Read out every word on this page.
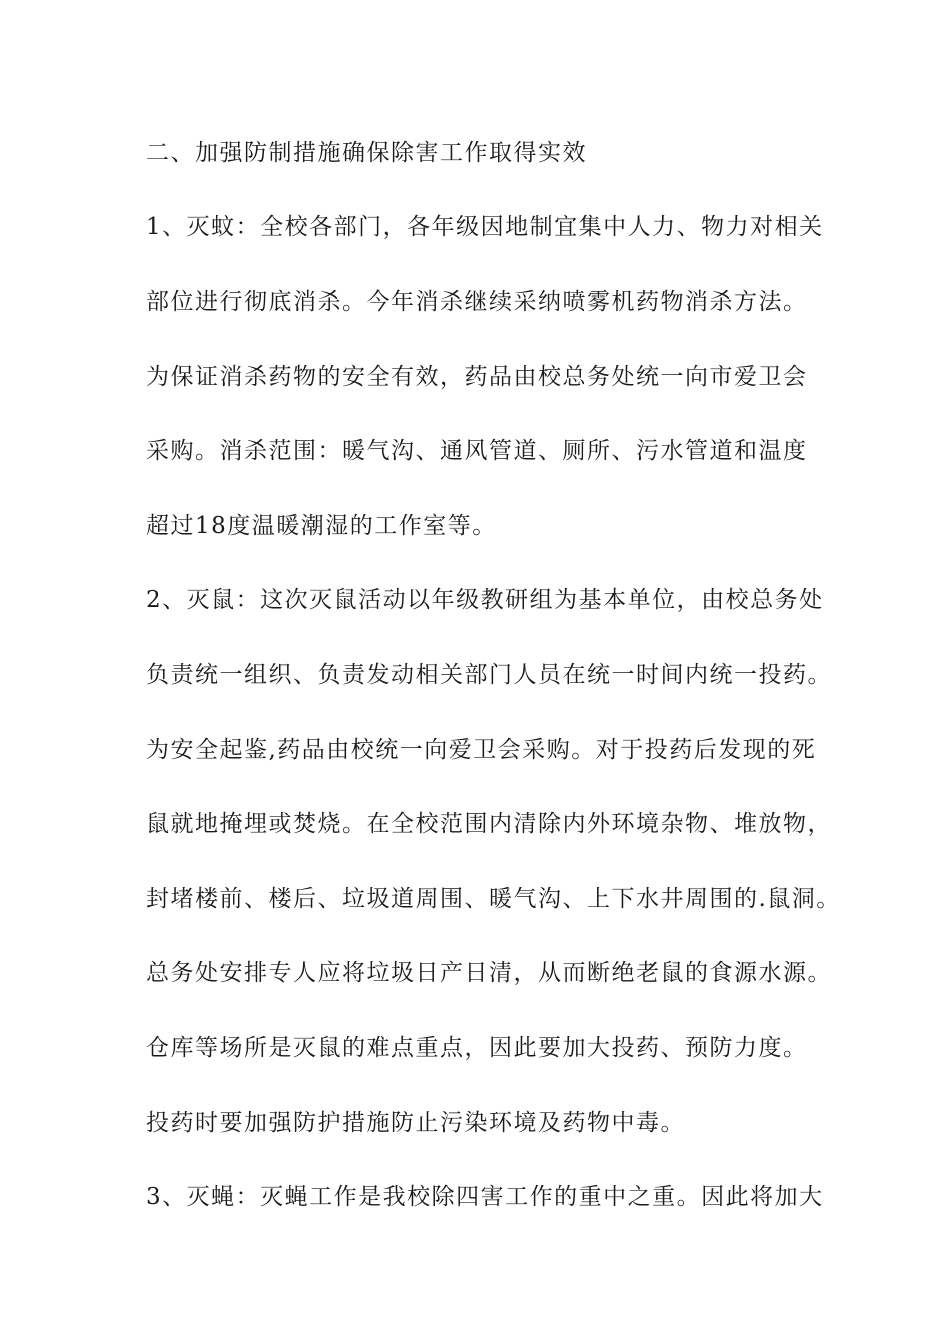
二、加强防制措施确保除害工作取得实效
1、灭蚊：全校各部门，各年级因地制宜集中人力、物力对相关
部位进行彻底消杀。今年消杀继续采纳喷雾机药物消杀方法。
为保证消杀药物的安全有效，药品由校总务处统一向市爱卫会
采购。消杀范围：暖气沟、通风管道、厕所、污水管道和温度
超过18度温暖潮湿的工作室等。
2、灭鼠：这次灭鼠活动以年级教研组为基本单位，由校总务处
负责统一组织、负责发动相关部门人员在统一时间内统一投药。
为安全起鉴,药品由校统一向爱卫会采购。对于投药后发现的死
鼠就地掩埋或焚烧。在全校范围内清除内外环境杂物、堆放物，
封堵楼前、楼后、垃圾道周围、暖气沟、上下水井周围的.鼠洞。
总务处安排专人应将垃圾日产日清，从而断绝老鼠的食源水源。
仓库等场所是灭鼠的难点重点，因此要加大投药、预防力度。
投药时要加强防护措施防止污染环境及药物中毒。
3、灭蝇：灭蝇工作是我校除四害工作的重中之重。因此将加大
